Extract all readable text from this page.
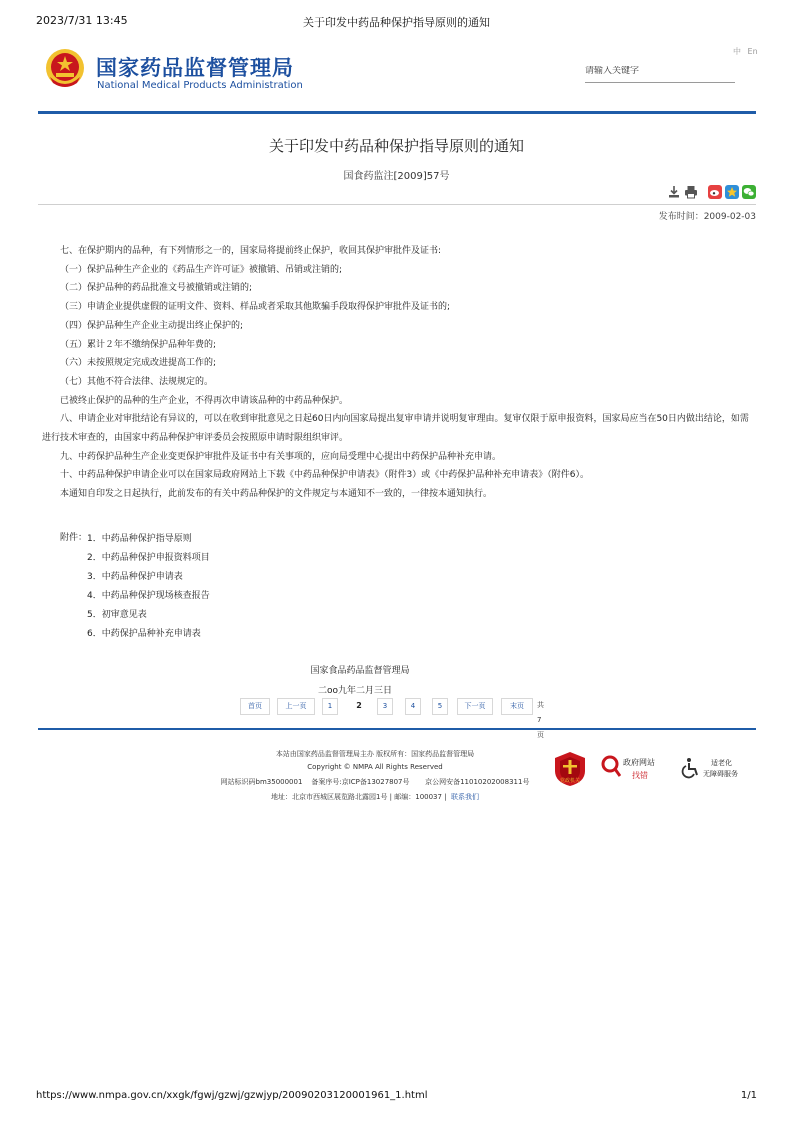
2023/7/31 13:45	关于印发中药品种保护指导原则的通知
国家药品监督管理局
National Medical Products Administration
中 En
请输入关键字
关于印发中药品种保护指导原则的通知
国食药监注[2009]57号
发布时间：2009-02-03

七、在保护期内的品种，有下列情形之一的，国家局将提前终止保护，收回其保护审批件及证书:

（一）保护品种生产企业的《药品生产许可证》被撤销、吊销或注销的;

（二）保护品种的药品批准文号被撤销或注销的;

（三）申请企业提供虚假的证明文件、资料、样品或者采取其他欺骗手段取得保护审批件及证书的;

（四）保护品种生产企业主动提出终止保护的;

（五）累计２年不缴纳保护品种年费的;

（六）未按照规定完成改进提高工作的;

（七）其他不符合法律、法规规定的。

已被终止保护的品种的生产企业，不得再次申请该品种的中药品种保护。

八、申请企业对审批结论有异议的，可以在收到审批意见之日起60日内向国家局提出复审申请并说明复审理由。复审仅限于原申报资料，国家局应当在50日内做出结论，如需进行技术审查的，由国家中药品种保护审评委员会按照原申请时限组织审评。

九、中药保护品种生产企业变更保护审批件及证书中有关事项的，应向局受理中心提出中药保护品种补充申请。

十、中药品种保护申请企业可以在国家局政府网站上下载《中药品种保护申请表》（附件3）或《中药保护品种补充申请表》（附件6）。

本通知自印发之日起执行，此前发布的有关中药品种保护的文件规定与本通知不一致的，一律按本通知执行。

附件： 1．中药品种保护指导原则
2．中药品种保护申报资料项目
3．中药品种保护申请表
4．中药品种保护现场核查报告
5．初审意见表
6．中药保护品种补充申请表
国家食品药品监督管理局
二oo九年二月三日
首页	上一页	1	2	3	4	5	下一页	末页	共7页
本站由国家药品监督管理局主办 版权所有：国家药品监督管理局
Copyright © NMPA All Rights Reserved
网站标识码bm35000001 备案序号:京ICP备13027807号 京公网安备11010202008311号
地址：北京市西城区展览路北露园1号 | 邮编：100037 | 联系我们
党政机关
政府网站
找错
适老化
无障碍服务
https://www.nmpa.gov.cn/xxgk/fgwj/gzwj/gzwjyp/20090203120001961_1.html	1/1
